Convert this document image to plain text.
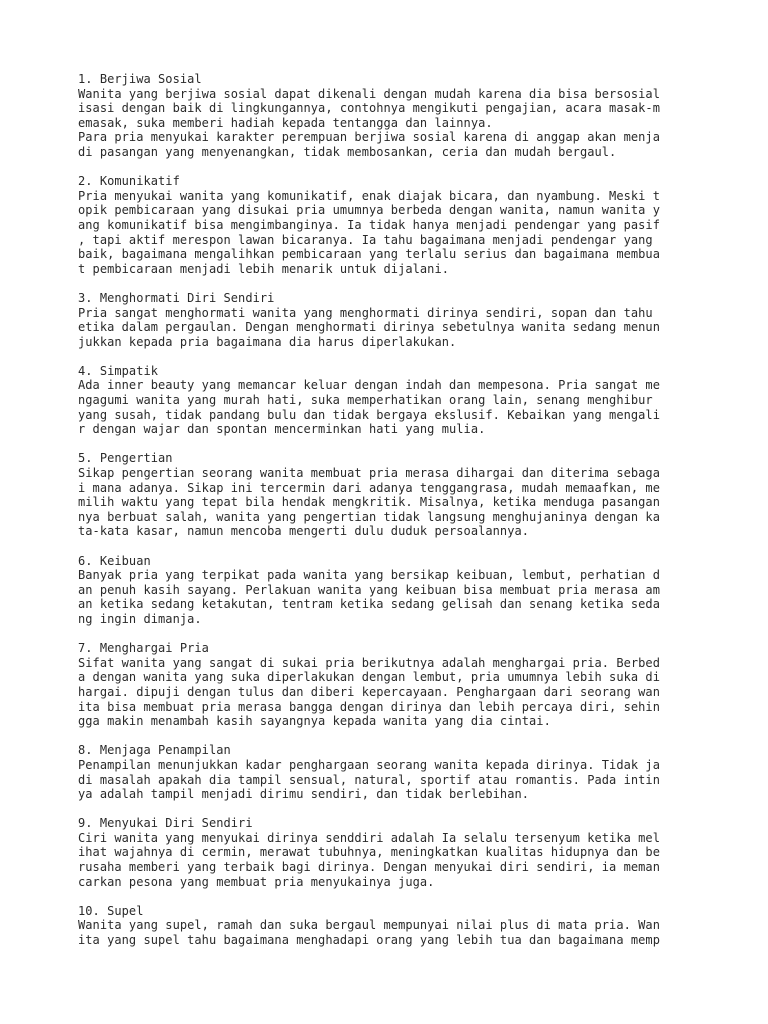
1. Berjiwa Sosial
Wanita yang berjiwa sosial dapat dikenali dengan mudah karena dia bisa bersosial
isasi dengan baik di lingkungannya, contohnya mengikuti pengajian, acara masak-m
emasak, suka memberi hadiah kepada tentangga dan lainnya.
Para pria menyukai karakter perempuan berjiwa sosial karena di anggap akan menja
di pasangan yang menyenangkan, tidak membosankan, ceria dan mudah bergaul.
2. Komunikatif
Pria menyukai wanita yang komunikatif, enak diajak bicara, dan nyambung. Meski t
opik pembicaraan yang disukai pria umumnya berbeda dengan wanita, namun wanita y
ang komunikatif bisa mengimbanginya. Ia tidak hanya menjadi pendengar yang pasif
, tapi aktif merespon lawan bicaranya. Ia tahu bagaimana menjadi pendengar yang
baik, bagaimana mengalihkan pembicaraan yang terlalu serius dan bagaimana membua
t pembicaraan menjadi lebih menarik untuk dijalani.
3. Menghormati Diri Sendiri
Pria sangat menghormati wanita yang menghormati dirinya sendiri, sopan dan tahu
etika dalam pergaulan. Dengan menghormati dirinya sebetulnya wanita sedang menun
jukkan kepada pria bagaimana dia harus diperlakukan.
4. Simpatik
Ada inner beauty yang memancar keluar dengan indah dan mempesona. Pria sangat me
ngagumi wanita yang murah hati, suka memperhatikan orang lain, senang menghibur
yang susah, tidak pandang bulu dan tidak bergaya ekslusif. Kebaikan yang mengali
r dengan wajar dan spontan mencerminkan hati yang mulia.
5. Pengertian
Sikap pengertian seorang wanita membuat pria merasa dihargai dan diterima sebaga
i mana adanya. Sikap ini tercermin dari adanya tenggangrasa, mudah memaafkan, me
milih waktu yang tepat bila hendak mengkritik. Misalnya, ketika menduga pasangan
nya berbuat salah, wanita yang pengertian tidak langsung menghujaninya dengan ka
ta-kata kasar, namun mencoba mengerti dulu duduk persoalannya.
6. Keibuan
Banyak pria yang terpikat pada wanita yang bersikap keibuan, lembut, perhatian d
an penuh kasih sayang. Perlakuan wanita yang keibuan bisa membuat pria merasa am
an ketika sedang ketakutan, tentram ketika sedang gelisah dan senang ketika seda
ng ingin dimanja.
7. Menghargai Pria
Sifat wanita yang sangat di sukai pria berikutnya adalah menghargai pria. Berbed
a dengan wanita yang suka diperlakukan dengan lembut, pria umumnya lebih suka di
hargai. dipuji dengan tulus dan diberi kepercayaan. Penghargaan dari seorang wan
ita bisa membuat pria merasa bangga dengan dirinya dan lebih percaya diri, sehin
gga makin menambah kasih sayangnya kepada wanita yang dia cintai.
8. Menjaga Penampilan
Penampilan menunjukkan kadar penghargaan seorang wanita kepada dirinya. Tidak ja
di masalah apakah dia tampil sensual, natural, sportif atau romantis. Pada intin
ya adalah tampil menjadi dirimu sendiri, dan tidak berlebihan.
9. Menyukai Diri Sendiri
Ciri wanita yang menyukai dirinya senddiri adalah Ia selalu tersenyum ketika mel
ihat wajahnya di cermin, merawat tubuhnya, meningkatkan kualitas hidupnya dan be
rusaha memberi yang terbaik bagi dirinya. Dengan menyukai diri sendiri, ia meman
carkan pesona yang membuat pria menyukainya juga.
10. Supel
Wanita yang supel, ramah dan suka bergaul mempunyai nilai plus di mata pria. Wan
ita yang supel tahu bagaimana menghadapi orang yang lebih tua dan bagaimana memp
